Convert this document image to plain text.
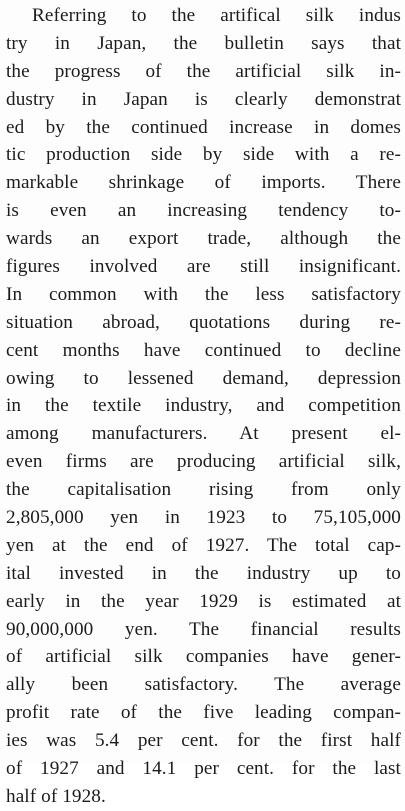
Referring to the artifical silk indus
try in Japan, the bulletin says that
the progress of the artificial silk in-
dustry in Japan is clearly demonstrat
ed by the continued increase in domes
tic production side by side with a re-
markable shrinkage of imports. There
is even an increasing tendency to-
wards an export trade, although the
figures involved are still insignificant.
In common with the less satisfactory
situation abroad, quotations during re-
cent months have continued to decline
owing to lessened demand, depression
in the textile industry, and competition
among manufacturers. At present el-
even firms are producing artificial silk,
the capitalisation rising from only
2,805,000 yen in 1923 to 75,105,000
yen at the end of 1927. The total cap-
ital invested in the industry up to
early in the year 1929 is estimated at
90,000,000 yen. The financial results
of artificial silk companies have gener-
ally been satisfactory. The average
profit rate of the five leading compan-
ies was 5.4 per cent. for the first half
of 1927 and 14.1 per cent. for the last
half of 1928.
